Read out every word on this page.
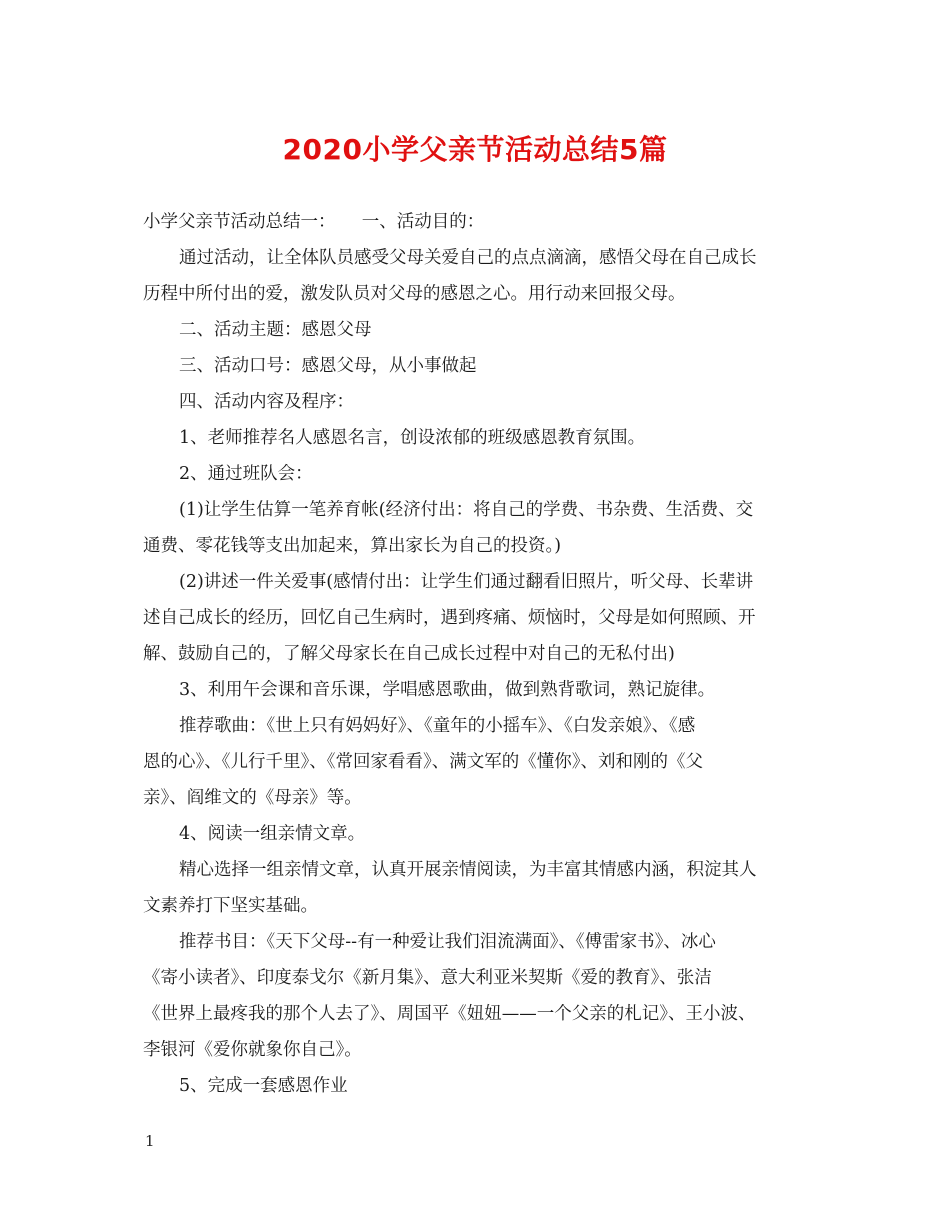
2020小学父亲节活动总结5篇

小学父亲节活动总结一：　　一、活动目的：

通过活动，让全体队员感受父母关爱自己的点点滴滴，感悟父母在自己成长

历程中所付出的爱，激发队员对父母的感恩之心。用行动来回报父母。

二、活动主题：感恩父母

三、活动口号：感恩父母，从小事做起

四、活动内容及程序：

1、老师推荐名人感恩名言，创设浓郁的班级感恩教育氛围。

2、通过班队会：

(1)让学生估算一笔养育帐(经济付出：将自己的学费、书杂费、生活费、交

通费、零花钱等支出加起来，算出家长为自己的投资。)

(2)讲述一件关爱事(感情付出：让学生们通过翻看旧照片，听父母、长辈讲

述自己成长的经历，回忆自己生病时，遇到疼痛、烦恼时，父母是如何照顾、开

解、鼓励自己的，了解父母家长在自己成长过程中对自己的无私付出)

3、利用午会课和音乐课，学唱感恩歌曲，做到熟背歌词，熟记旋律。

推荐歌曲：《世上只有妈妈好》、《童年的小摇车》、《白发亲娘》、《感

恩的心》、《儿行千里》、《常回家看看》、满文军的《懂你》、刘和刚的《父

亲》、阎维文的《母亲》等。

4、阅读一组亲情文章。

精心选择一组亲情文章，认真开展亲情阅读，为丰富其情感内涵，积淀其人

文素养打下坚实基础。

推荐书目：《天下父母--有一种爱让我们泪流满面》、《傅雷家书》、冰心

《寄小读者》、印度泰戈尔《新月集》、意大利亚米契斯《爱的教育》、张洁

《世界上最疼我的那个人去了》、周国平《妞妞——一个父亲的札记》、王小波、

李银河《爱你就象你自己》。

5、完成一套感恩作业

1
